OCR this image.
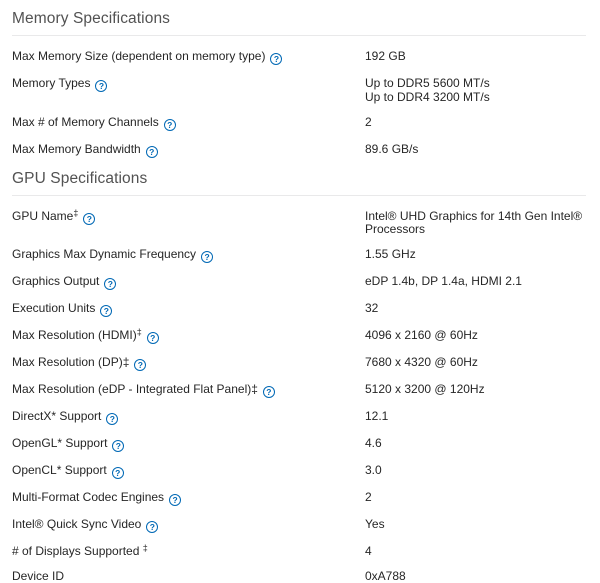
Memory Specifications
Max Memory Size (dependent on memory type) ?	192 GB
Memory Types ?	Up to DDR5 5600 MT/s
Up to DDR4 3200 MT/s
Max # of Memory Channels ?	2
Max Memory Bandwidth ?	89.6 GB/s
GPU Specifications
GPU Name‡?	Intel® UHD Graphics for 14th Gen Intel® Processors
Graphics Max Dynamic Frequency ?	1.55 GHz
Graphics Output ?	eDP 1.4b, DP 1.4a, HDMI 2.1
Execution Units ?	32
Max Resolution (HDMI)‡?	4096 x 2160 @ 60Hz
Max Resolution (DP)‡ ?	7680 x 4320 @ 60Hz
Max Resolution (eDP - Integrated Flat Panel)‡ ?	5120 x 3200 @ 120Hz
DirectX* Support ?	12.1
OpenGL* Support ?	4.6
OpenCL* Support ?	3.0
Multi-Format Codec Engines ?	2
Intel® Quick Sync Video ?	Yes
# of Displays Supported ‡	4
Device ID	0xA788
